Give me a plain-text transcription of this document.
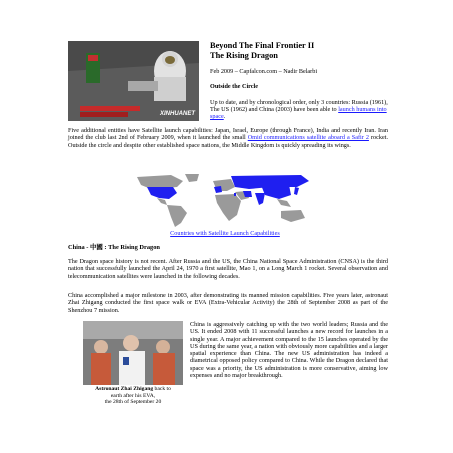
XINHUANET

Beyond The Final Frontier II

The Rising Dragon

Feb 2009 – Capfalcon.com – Nadir Belarbi

Outside the Circle

Up to date, and by chronological order, only 3 countries: Russia (1961), The US (1962) and China (2003) have been able to launch humans into space.

Five additional entities have Satellite launch capabilities: Japan, Israel, Europe (through France), India and recently Iran. Iran joined the club last 2nd of February 2009, when it launched the small Omid communications satellite aboard a Safir 2 rocket. Outside the circle and despite other established space nations, the Middle Kingdom is quickly spreading its wings.

Countries with Satellite Launch Capabilities

China - 中國 : The Rising Dragon

The Dragon space history is not recent. After Russia and the US, the China National Space Administration (CNSA) is the third nation that successfully launched the April 24, 1970 a first satellite, Mao 1, on a Long March 1 rocket. Several observation and telecommunication satellites were launched in the following decades.

China accomplished a major milestone in 2003, after demonstrating its manned mission capabilities. Five years later, astronaut Zhai Zhigang conducted the first space walk or EVA (Extra-Vehicular Activity) the 28th of September 2008 as part of the Shenzhou 7 mission.

Astronaut Zhai Zhigang back to
earth after his EVA,
the 28th of September 20

China is aggressively catching up with the two world leaders; Russia and the US. It ended 2008 with 11 successful launches a new record for launches in a single year. A major achievement compared to the 15 launches operated by the US during the same year, a nation with obviously more capabilities and a larger spatial experience than China. The new US administration has indeed a diametrical opposed policy compared to China. While the Dragon declared that space was a priority, the US administration is more conservative, aiming low expenses and no major breakthrough.
